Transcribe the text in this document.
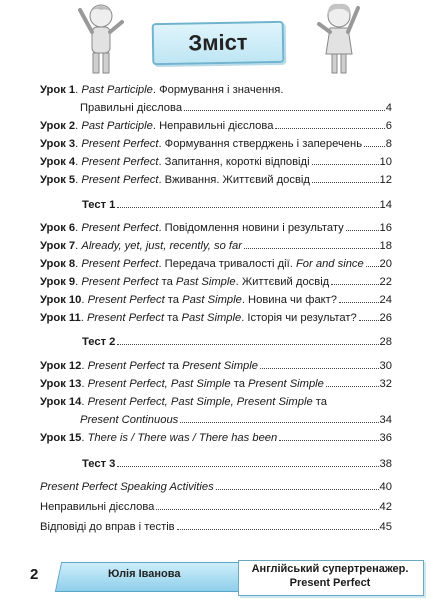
Зміст
Урок 1. Past Participle. Формування і значення.
Правильні дієслова	4
Урок 2. Past Participle. Неправильні дієслова	6
Урок 3. Present Perfect. Формування стверджень і заперечень 8
Урок 4. Present Perfect. Запитання, короткі відповіді	10
Урок 5. Present Perfect. Вживання. Життєвий досвід	12
Тест 1	14
Урок 6. Present Perfect. Повідомлення новини і результату	16
Урок 7. Already, yet, just, recently, so far	18
Урок 8. Present Perfect. Передача тривалості дії. For and since 20
Урок 9. Present Perfect та Past Simple. Життєвий досвід	22
Урок 10. Present Perfect та Past Simple. Новина чи факт?	24
Урок 11. Present Perfect та Past Simple. Історія чи результат? 26
Тест 2	28
Урок 12. Present Perfect та Present Simple	30
Урок 13. Present Perfect, Past Simple та Present Simple	32
Урок 14. Present Perfect, Past Simple, Present Simple та
Present Continuous	34
Урок 15. There is / There was / There has been	36
Тест 3	38
Present Perfect Speaking Activities	40
Неправильні дієслова	42
Відповіді до вправ і тестів	45
2	Юлія Іванова	Англійський супертренажер.
Present Perfect
